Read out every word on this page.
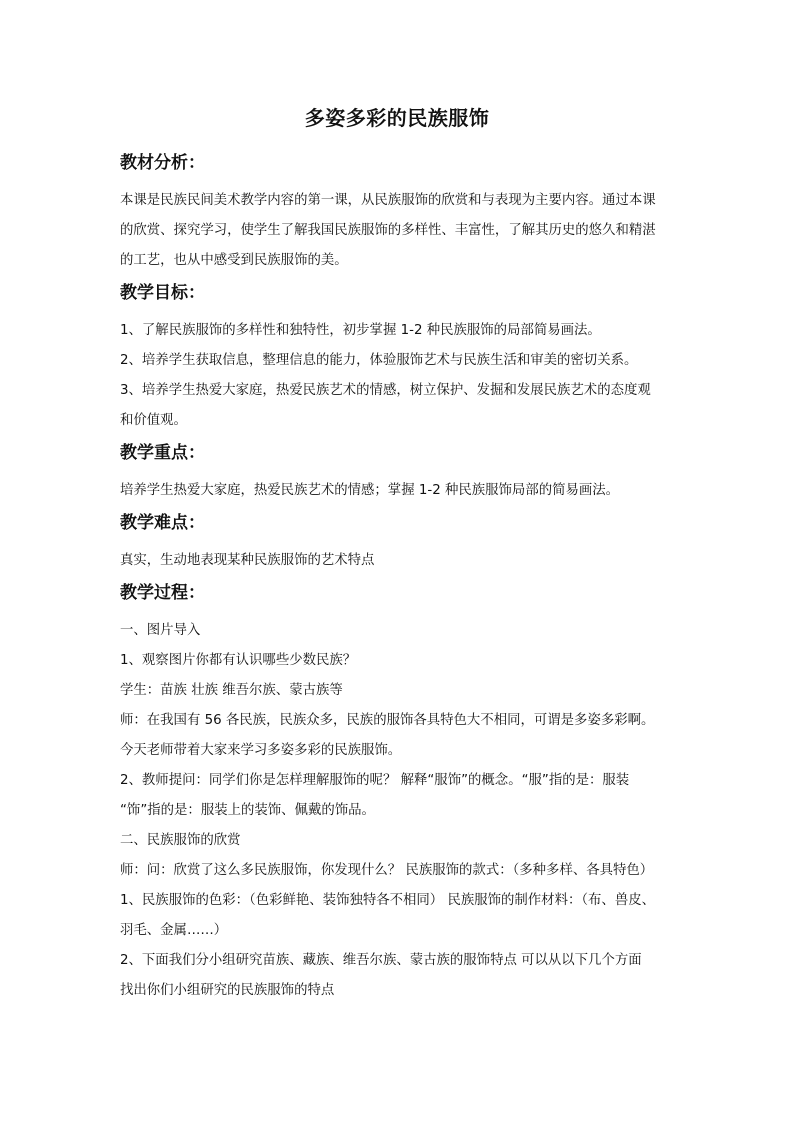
多姿多彩的民族服饰
教材分析：

本课是民族民间美术教学内容的第一课，从民族服饰的欣赏和与表现为主要内容。通过本课

的欣赏、探究学习，使学生了解我国民族服饰的多样性、丰富性，了解其历史的悠久和精湛

的工艺，也从中感受到民族服饰的美。

教学目标：

1、了解民族服饰的多样性和独特性，初步掌握 1-2 种民族服饰的局部简易画法。

2、培养学生获取信息，整理信息的能力，体验服饰艺术与民族生活和审美的密切关系。

3、培养学生热爱大家庭，热爱民族艺术的情感，树立保护、发掘和发展民族艺术的态度观

和价值观。

教学重点：

培养学生热爱大家庭，热爱民族艺术的情感；掌握 1-2 种民族服饰局部的简易画法。

教学难点：

真实，生动地表现某种民族服饰的艺术特点

教学过程：

一、图片导入

1、观察图片你都有认识哪些少数民族？

学生：苗族 壮族 维吾尔族、蒙古族等

师：在我国有 56 各民族，民族众多，民族的服饰各具特色大不相同，可谓是多姿多彩啊。

今天老师带着大家来学习多姿多彩的民族服饰。

2、教师提问：同学们你是怎样理解服饰的呢？ 解释“服饰”的概念。“服”指的是：服装

“饰”指的是：服装上的装饰、佩戴的饰品。

二、民族服饰的欣赏

师：问：欣赏了这么多民族服饰，你发现什么？ 民族服饰的款式：（多种多样、各具特色）

1、民族服饰的色彩：（色彩鲜艳、装饰独特各不相同） 民族服饰的制作材料：（布、兽皮、

羽毛、金属……）

2、下面我们分小组研究苗族、藏族、维吾尔族、蒙古族的服饰特点 可以从以下几个方面

找出你们小组研究的民族服饰的特点
